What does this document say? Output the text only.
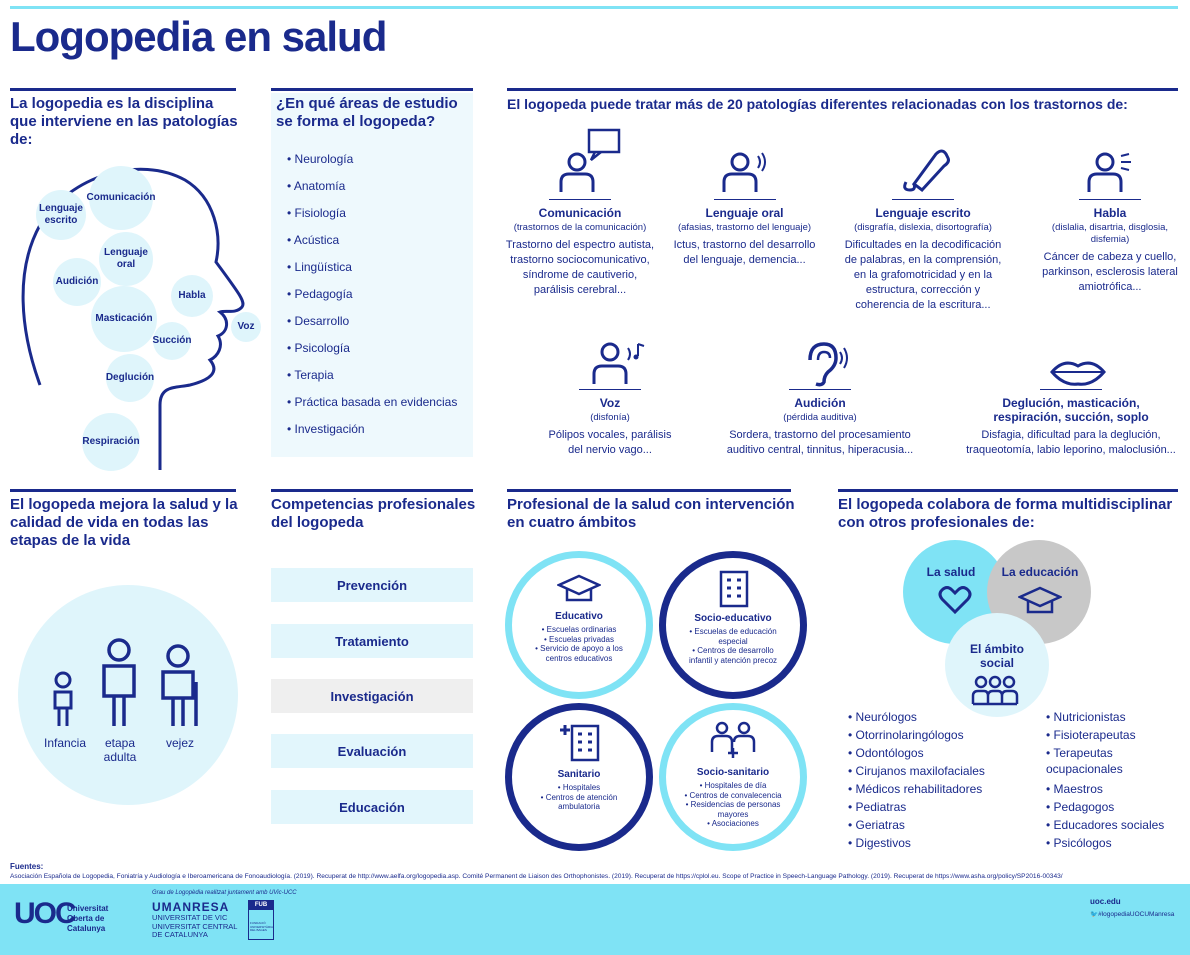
Logopedia en salud
La logopedia es la disciplina que interviene en las patologías de:
Comunicación
Lenguaje escrito
Lenguaje oral
Audición
Habla
Masticación
Succión
Voz
Deglución
Respiración
¿En qué áreas de estudio se forma el logopeda?
• Neurología
• Anatomía
• Fisiología
• Acústica
• Lingüística
• Pedagogía
• Desarrollo
• Psicología
• Terapia
• Práctica basada en evidencias
• Investigación
El logopeda puede tratar más de 20 patologías diferentes relacionadas con los trastornos de:
Comunicación
(trastornos de la comunicación)
Trastorno del espectro autista, trastorno sociocomunicativo, síndrome de cautiverio, parálisis cerebral...
Lenguaje oral
(afasias, trastorno del lenguaje)
Ictus, trastorno del desarrollo del lenguaje, demencia...
Lenguaje escrito
(disgrafía, dislexia, disortografía)
Dificultades en la decodificación de palabras, en la comprensión, en la grafomotricidad y en la estructura, corrección y coherencia de la escritura...
Habla
(dislalia, disartria, disglosia, disfemia)
Cáncer de cabeza y cuello, parkinson, esclerosis lateral amiotrófica...
Voz
(disfonía)
Pólipos vocales, parálisis del nervio vago...
Audición
(pérdida auditiva)
Sordera, trastorno del procesamiento auditivo central, tinnitus, hiperacusia...
Deglución, masticación, respiración, succión, soplo
Disfagia, dificultad para la deglución, traqueotomía, labio leporino, maloclusión...
El logopeda mejora la salud y la calidad de vida en todas las etapas de la vida
Infancia	etapa adulta
vejez
Competencias profesionales del logopeda
Prevención
Tratamiento
Investigación
Evaluación
Educación
Profesional de la salud con intervención en cuatro ámbitos
Educativo
• Escuelas ordinarias
• Escuelas privadas
• Servicio de apoyo a los centros educativos
Socio-educativo
• Escuelas de educación especial
• Centros de desarrollo infantil y atención precoz
Sanitario
• Hospitales
• Centros de atención ambulatoria
Socio-sanitario
• Hospitales de día
• Centros de convalecencia
• Residencias de personas mayores
• Asociaciones
El logopeda colabora de forma multidisciplinar con otros profesionales de:
La salud	La educación
El ámbito social
• Neurólogos
• Otorrinolaringólogos
• Odontólogos
• Cirujanos maxilofaciales
• Médicos rehabilitadores
• Pediatras
• Geriatras
• Digestivos
• Nutricionistas
• Fisioterapeutas
• Terapeutas ocupacionales
• Maestros
• Pedagogos
• Educadores sociales
• Psicólogos
Fuentes:
Asociación Española de Logopedia, Foniatría y Audiología e Iberoamericana de Fonoaudiología. (2019). Recuperat de http://www.aelfa.org/logopedia.asp. Comité Permanent de Liaison des Orthophonistes. (2019). Recuperat de https://cplol.eu. Scope of Practice in Speech-Language Pathology. (2019). Recuperat de https://www.asha.org/policy/SP2016-00343/
UOC
Universitat Oberta de Catalunya
Grau de Logopèdia realitzat juntament amb UVic-UCC
UMANRESA
UNIVERSITAT DE VIC UNIVERSITAT CENTRAL DE CATALUNYA
FUB
FUNDACIÓ UNIVERSITÀRIA DEL BAGES
uoc.edu
🐦#logopediaUOCUManresa
